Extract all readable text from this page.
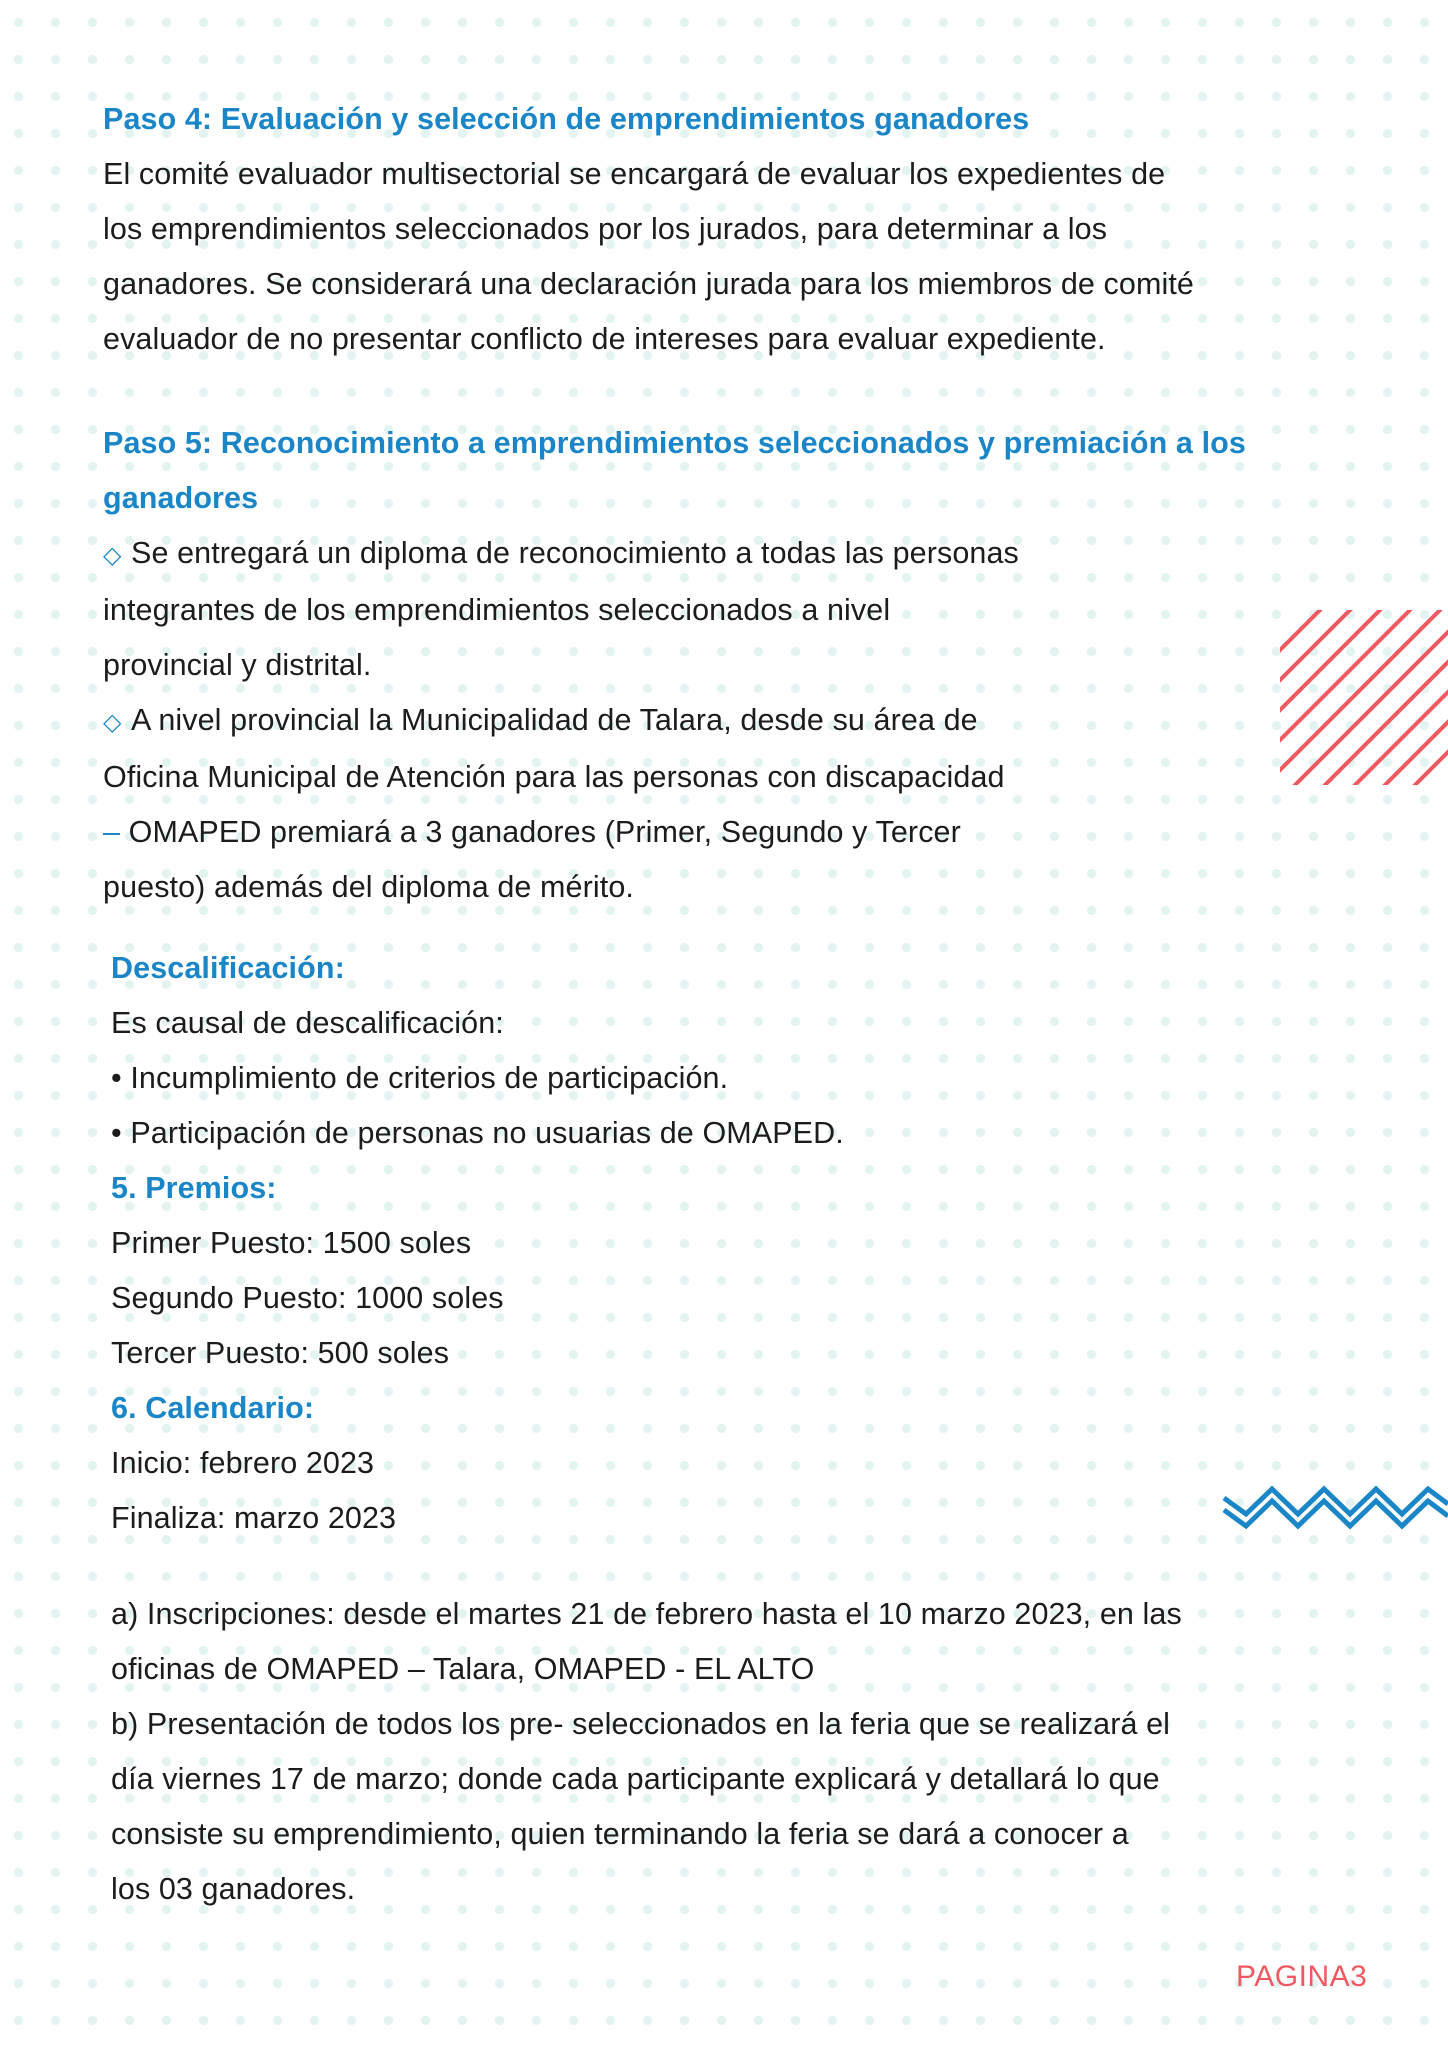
Paso 4: Evaluación y selección de emprendimientos ganadores
El comité evaluador multisectorial se encargará de evaluar los expedientes de
los emprendimientos seleccionados por los jurados, para determinar a los
ganadores. Se considerará una declaración jurada para los miembros de comité
evaluador de no presentar conflicto de intereses para evaluar expediente.
Paso 5: Reconocimiento a emprendimientos seleccionados y premiación a los
ganadores
◇ Se entregará un diploma de reconocimiento a todas las personas
integrantes de los emprendimientos seleccionados a nivel
provincial y distrital.
◇ A nivel provincial la Municipalidad de Talara, desde su área de
Oficina Municipal de Atención para las personas con discapacidad
– OMAPED premiará a 3 ganadores (Primer, Segundo y Tercer
puesto) además del diploma de mérito.
Descalificación:
Es causal de descalificación:
• Incumplimiento de criterios de participación.
• Participación de personas no usuarias de OMAPED.
5. Premios:
Primer Puesto: 1500 soles
Segundo Puesto: 1000 soles
Tercer Puesto: 500 soles
6. Calendario:
Inicio: febrero 2023
Finaliza: marzo 2023
a) Inscripciones: desde el martes 21 de febrero hasta el 10 marzo 2023, en las
oficinas de OMAPED – Talara, OMAPED - EL ALTO
b) Presentación de todos los pre- seleccionados en la feria que se realizará el
día viernes 17 de marzo; donde cada participante explicará y detallará lo que
consiste su emprendimiento, quien terminando la feria se dará a conocer a
los 03 ganadores.
PAGINA3
